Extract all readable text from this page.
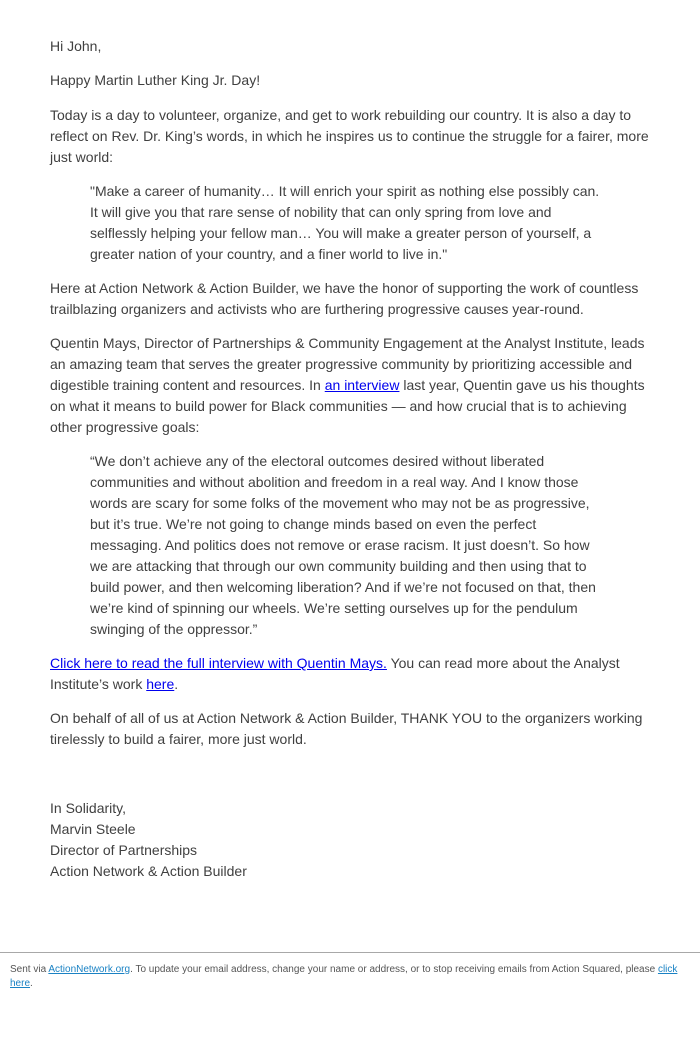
Hi John,

Happy Martin Luther King Jr. Day!

Today is a day to volunteer, organize, and get to work rebuilding our country. It is also a day to reflect on Rev. Dr. King’s words, in which he inspires us to continue the struggle for a fairer, more just world:

"Make a career of humanity… It will enrich your spirit as nothing else possibly can. It will give you that rare sense of nobility that can only spring from love and selflessly helping your fellow man… You will make a greater person of yourself, a greater nation of your country, and a finer world to live in."

Here at Action Network & Action Builder, we have the honor of supporting the work of countless trailblazing organizers and activists who are furthering progressive causes year-round.

Quentin Mays, Director of Partnerships & Community Engagement at the Analyst Institute, leads an amazing team that serves the greater progressive community by prioritizing accessible and digestible training content and resources. In an interview last year, Quentin gave us his thoughts on what it means to build power for Black communities — and how crucial that is to achieving other progressive goals:

“We don’t achieve any of the electoral outcomes desired without liberated communities and without abolition and freedom in a real way. And I know those words are scary for some folks of the movement who may not be as progressive, but it’s true. We’re not going to change minds based on even the perfect messaging. And politics does not remove or erase racism. It just doesn’t. So how we are attacking that through our own community building and then using that to build power, and then welcoming liberation? And if we’re not focused on that, then we’re kind of spinning our wheels. We’re setting ourselves up for the pendulum swinging of the oppressor.”

Click here to read the full interview with Quentin Mays. You can read more about the Analyst Institute’s work here.

On behalf of all of us at Action Network & Action Builder, THANK YOU to the organizers working tirelessly to build a fairer, more just world.

In Solidarity,
Marvin Steele
Director of Partnerships
Action Network & Action Builder
Sent via ActionNetwork.org. To update your email address, change your name or address, or to stop receiving emails from Action Squared, please click here.
